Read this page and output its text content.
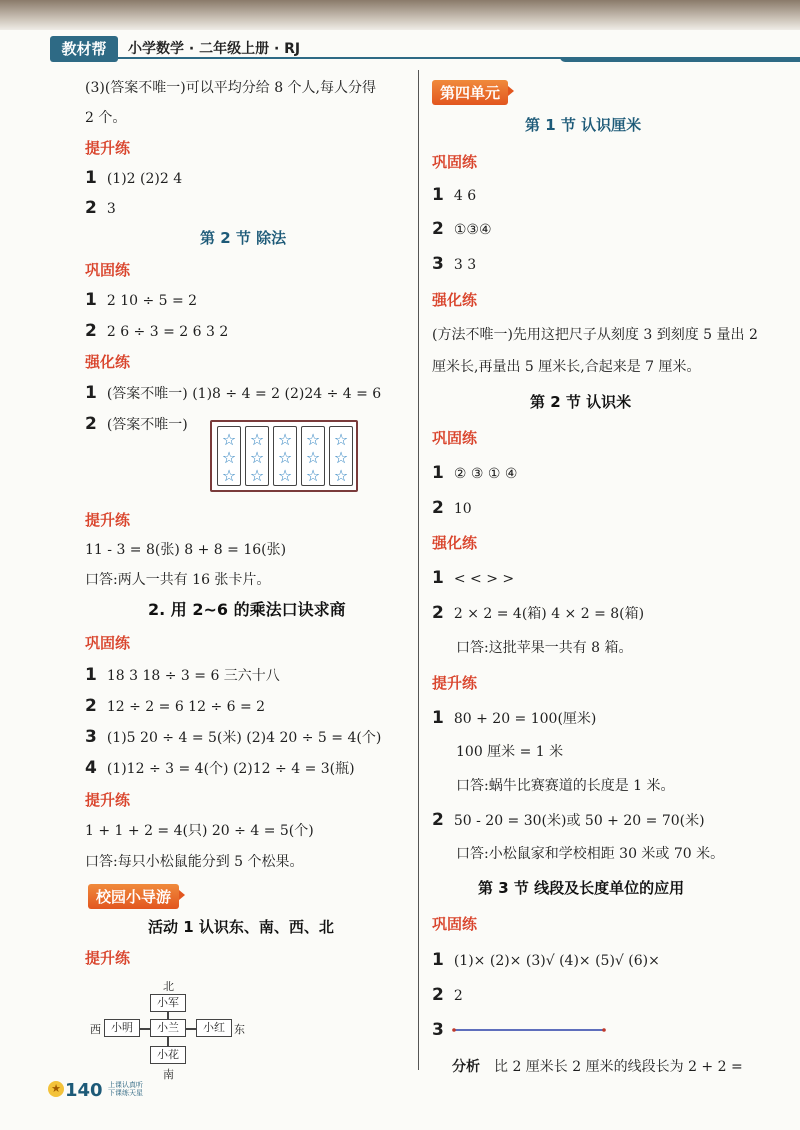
教材帮	小学数学 · 二年级上册 · RJ
(3)(答案不唯一)可以平均分给 8 个人,每人分得
2 个。
提升练
1 (1)2 (2)2 4
2 3
第 2 节 除法
巩固练
1 2 10 ÷ 5 = 2
2 2 6 ÷ 3 = 2 6 3 2
强化练
1 (答案不唯一) (1)8 ÷ 4 = 2 (2)24 ÷ 4 = 6
2 (答案不唯一)
☆
☆
☆
☆
☆
☆
☆
☆
☆
☆
☆
☆
☆
☆
☆
提升练
11 - 3 = 8(张) 8 + 8 = 16(张)
口答:两人一共有 16 张卡片。
2. 用 2~6 的乘法口诀求商
巩固练
1 18 3 18 ÷ 3 = 6 三六十八
2 12 ÷ 2 = 6 12 ÷ 6 = 2
3 (1)5 20 ÷ 4 = 5(米) (2)4 20 ÷ 5 = 4(个)
4 (1)12 ÷ 3 = 4(个) (2)12 ÷ 4 = 3(瓶)
提升练
1 + 1 + 2 = 4(只) 20 ÷ 4 = 5(个)
口答:每只小松鼠能分到 5 个松果。
校园小导游
活动 1 认识东、南、西、北
提升练
北
小军
西 小明	小兰	小红 东
小花
南
第四单元
第 1 节 认识厘米
巩固练
1 4 6
2 ①③④
3 3 3
强化练
(方法不唯一)先用这把尺子从刻度 3 到刻度 5 量出 2
厘米长,再量出 5 厘米长,合起来是 7 厘米。
第 2 节 认识米
巩固练
1 ② ③ ① ④
2 10
强化练
1 < < > >
2 2 × 2 = 4(箱) 4 × 2 = 8(箱)
口答:这批苹果一共有 8 箱。
提升练
1 80 + 20 = 100(厘米)
100 厘米 = 1 米
口答:蜗牛比赛赛道的长度是 1 米。
2 50 - 20 = 30(米)或 50 + 20 = 70(米)
口答:小松鼠家和学校相距 30 米或 70 米。
第 3 节 线段及长度单位的应用
巩固练
1 (1)× (2)× (3)√ (4)× (5)√ (6)×
2 2
3
分析 比 2 厘米长 2 厘米的线段长为 2 + 2 =
★ 140 上课认真听 下课练天星
